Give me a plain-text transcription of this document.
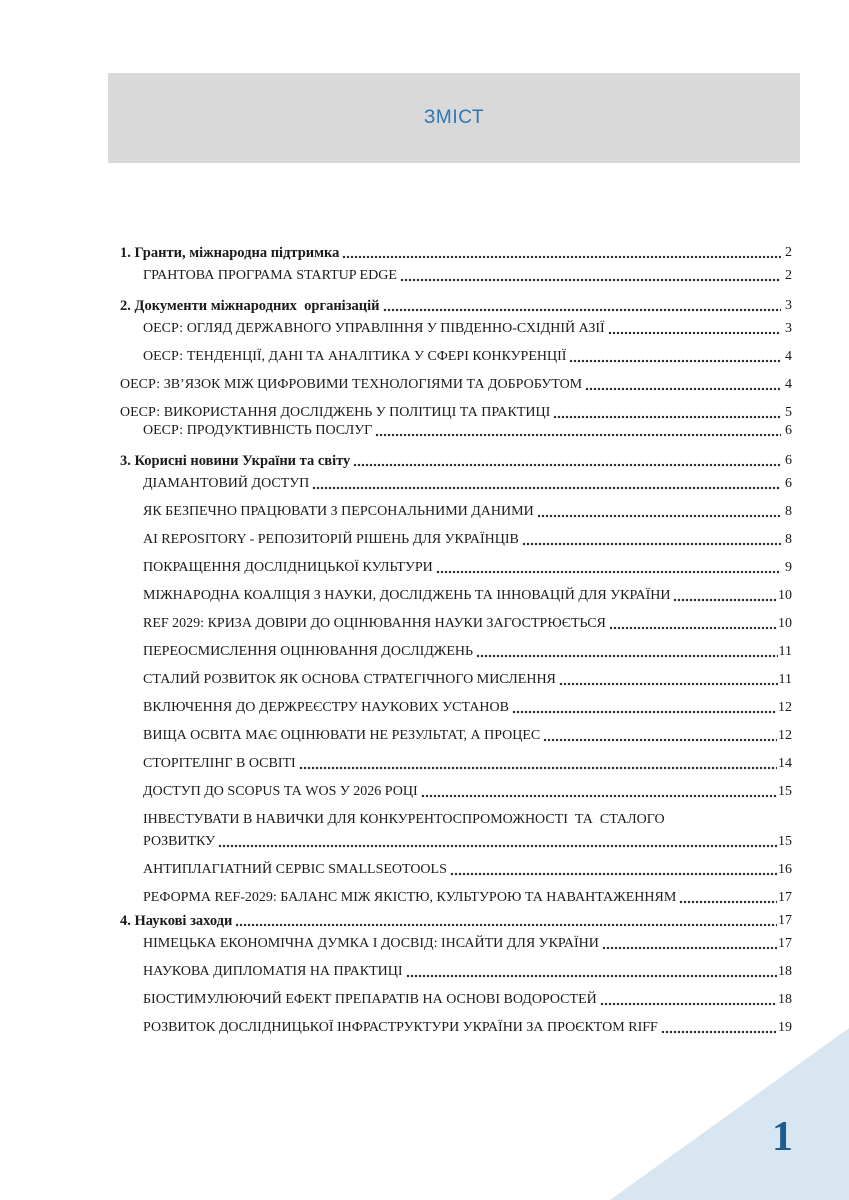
ЗМІСТ
1. Гранти, міжнародна підтримка	2
ГРАНТОВА ПРОГРАМА STARTUP EDGE	2
2. Документи міжнародних  організацій	3
ОЕСР: ОГЛЯД ДЕРЖАВНОГО УПРАВЛІННЯ У ПІВДЕННО-СХІДНІЙ АЗІЇ	3
ОЕСР: ТЕНДЕНЦІЇ, ДАНІ ТА АНАЛІТИКА У СФЕРІ КОНКУРЕНЦІЇ	4
ОЕСР: ЗВ’ЯЗОК МІЖ ЦИФРОВИМИ ТЕХНОЛОГІЯМИ ТА ДОБРОБУТОМ	4
ОЕСР: ВИКОРИСТАННЯ ДОСЛІДЖЕНЬ У ПОЛІТИЦІ ТА ПРАКТИЦІ	5
ОЕСР: ПРОДУКТИВНІСТЬ ПОСЛУГ	6
3. Корисні новини України та світу	6
ДІАМАНТОВИЙ ДОСТУП	6
ЯК БЕЗПЕЧНО ПРАЦЮВАТИ З ПЕРСОНАЛЬНИМИ ДАНИМИ	8
AI REPOSITORY - РЕПОЗИТОРІЙ РІШЕНЬ ДЛЯ УКРАЇНЦІВ	8
ПОКРАЩЕННЯ ДОСЛІДНИЦЬКОЇ КУЛЬТУРИ	9
МІЖНАРОДНА КОАЛІЦІЯ З НАУКИ, ДОСЛІДЖЕНЬ ТА ІННОВАЦІЙ ДЛЯ УКРАЇНИ	10
REF 2029: КРИЗА ДОВІРИ ДО ОЦІНЮВАННЯ НАУКИ ЗАГОСТРЮЄТЬСЯ	10
ПЕРЕОСМИСЛЕННЯ ОЦІНЮВАННЯ ДОСЛІДЖЕНЬ	11
СТАЛИЙ РОЗВИТОК ЯК ОСНОВА СТРАТЕГІЧНОГО МИСЛЕННЯ	11
ВКЛЮЧЕННЯ ДО ДЕРЖРЕЄСТРУ НАУКОВИХ УСТАНОВ	12
ВИЩА ОСВІТА МАЄ ОЦІНЮВАТИ НЕ РЕЗУЛЬТАТ, А ПРОЦЕС	12
СТОРІТЕЛІНГ В ОСВІТІ	14
ДОСТУП ДО SCOPUS ТА WOS У 2026 РОЦІ	15
ІНВЕСТУВАТИ В НАВИЧКИ ДЛЯ КОНКУРЕНТОСПРОМОЖНОСТІ  ТА  СТАЛОГО
РОЗВИТКУ	15
АНТИПЛАГІАТНИЙ СЕРВІС SMALLSEOTOOLS	16
РЕФОРМА REF-2029: БАЛАНС МІЖ ЯКІСТЮ, КУЛЬТУРОЮ ТА НАВАНТАЖЕННЯМ	17
4. Наукові заходи	17
НІМЕЦЬКА ЕКОНОМІЧНА ДУМКА І ДОСВІД: ІНСАЙТИ ДЛЯ УКРАЇНИ	17
НАУКОВА ДИПЛОМАТІЯ НА ПРАКТИЦІ	18
БІОСТИМУЛЮЮЧИЙ ЕФЕКТ ПРЕПАРАТІВ НА ОСНОВІ ВОДОРОСТЕЙ	18
РОЗВИТОК ДОСЛІДНИЦЬКОЇ ІНФРАСТРУКТУРИ УКРАЇНИ ЗА ПРОЄКТОМ RIFF	19
1
